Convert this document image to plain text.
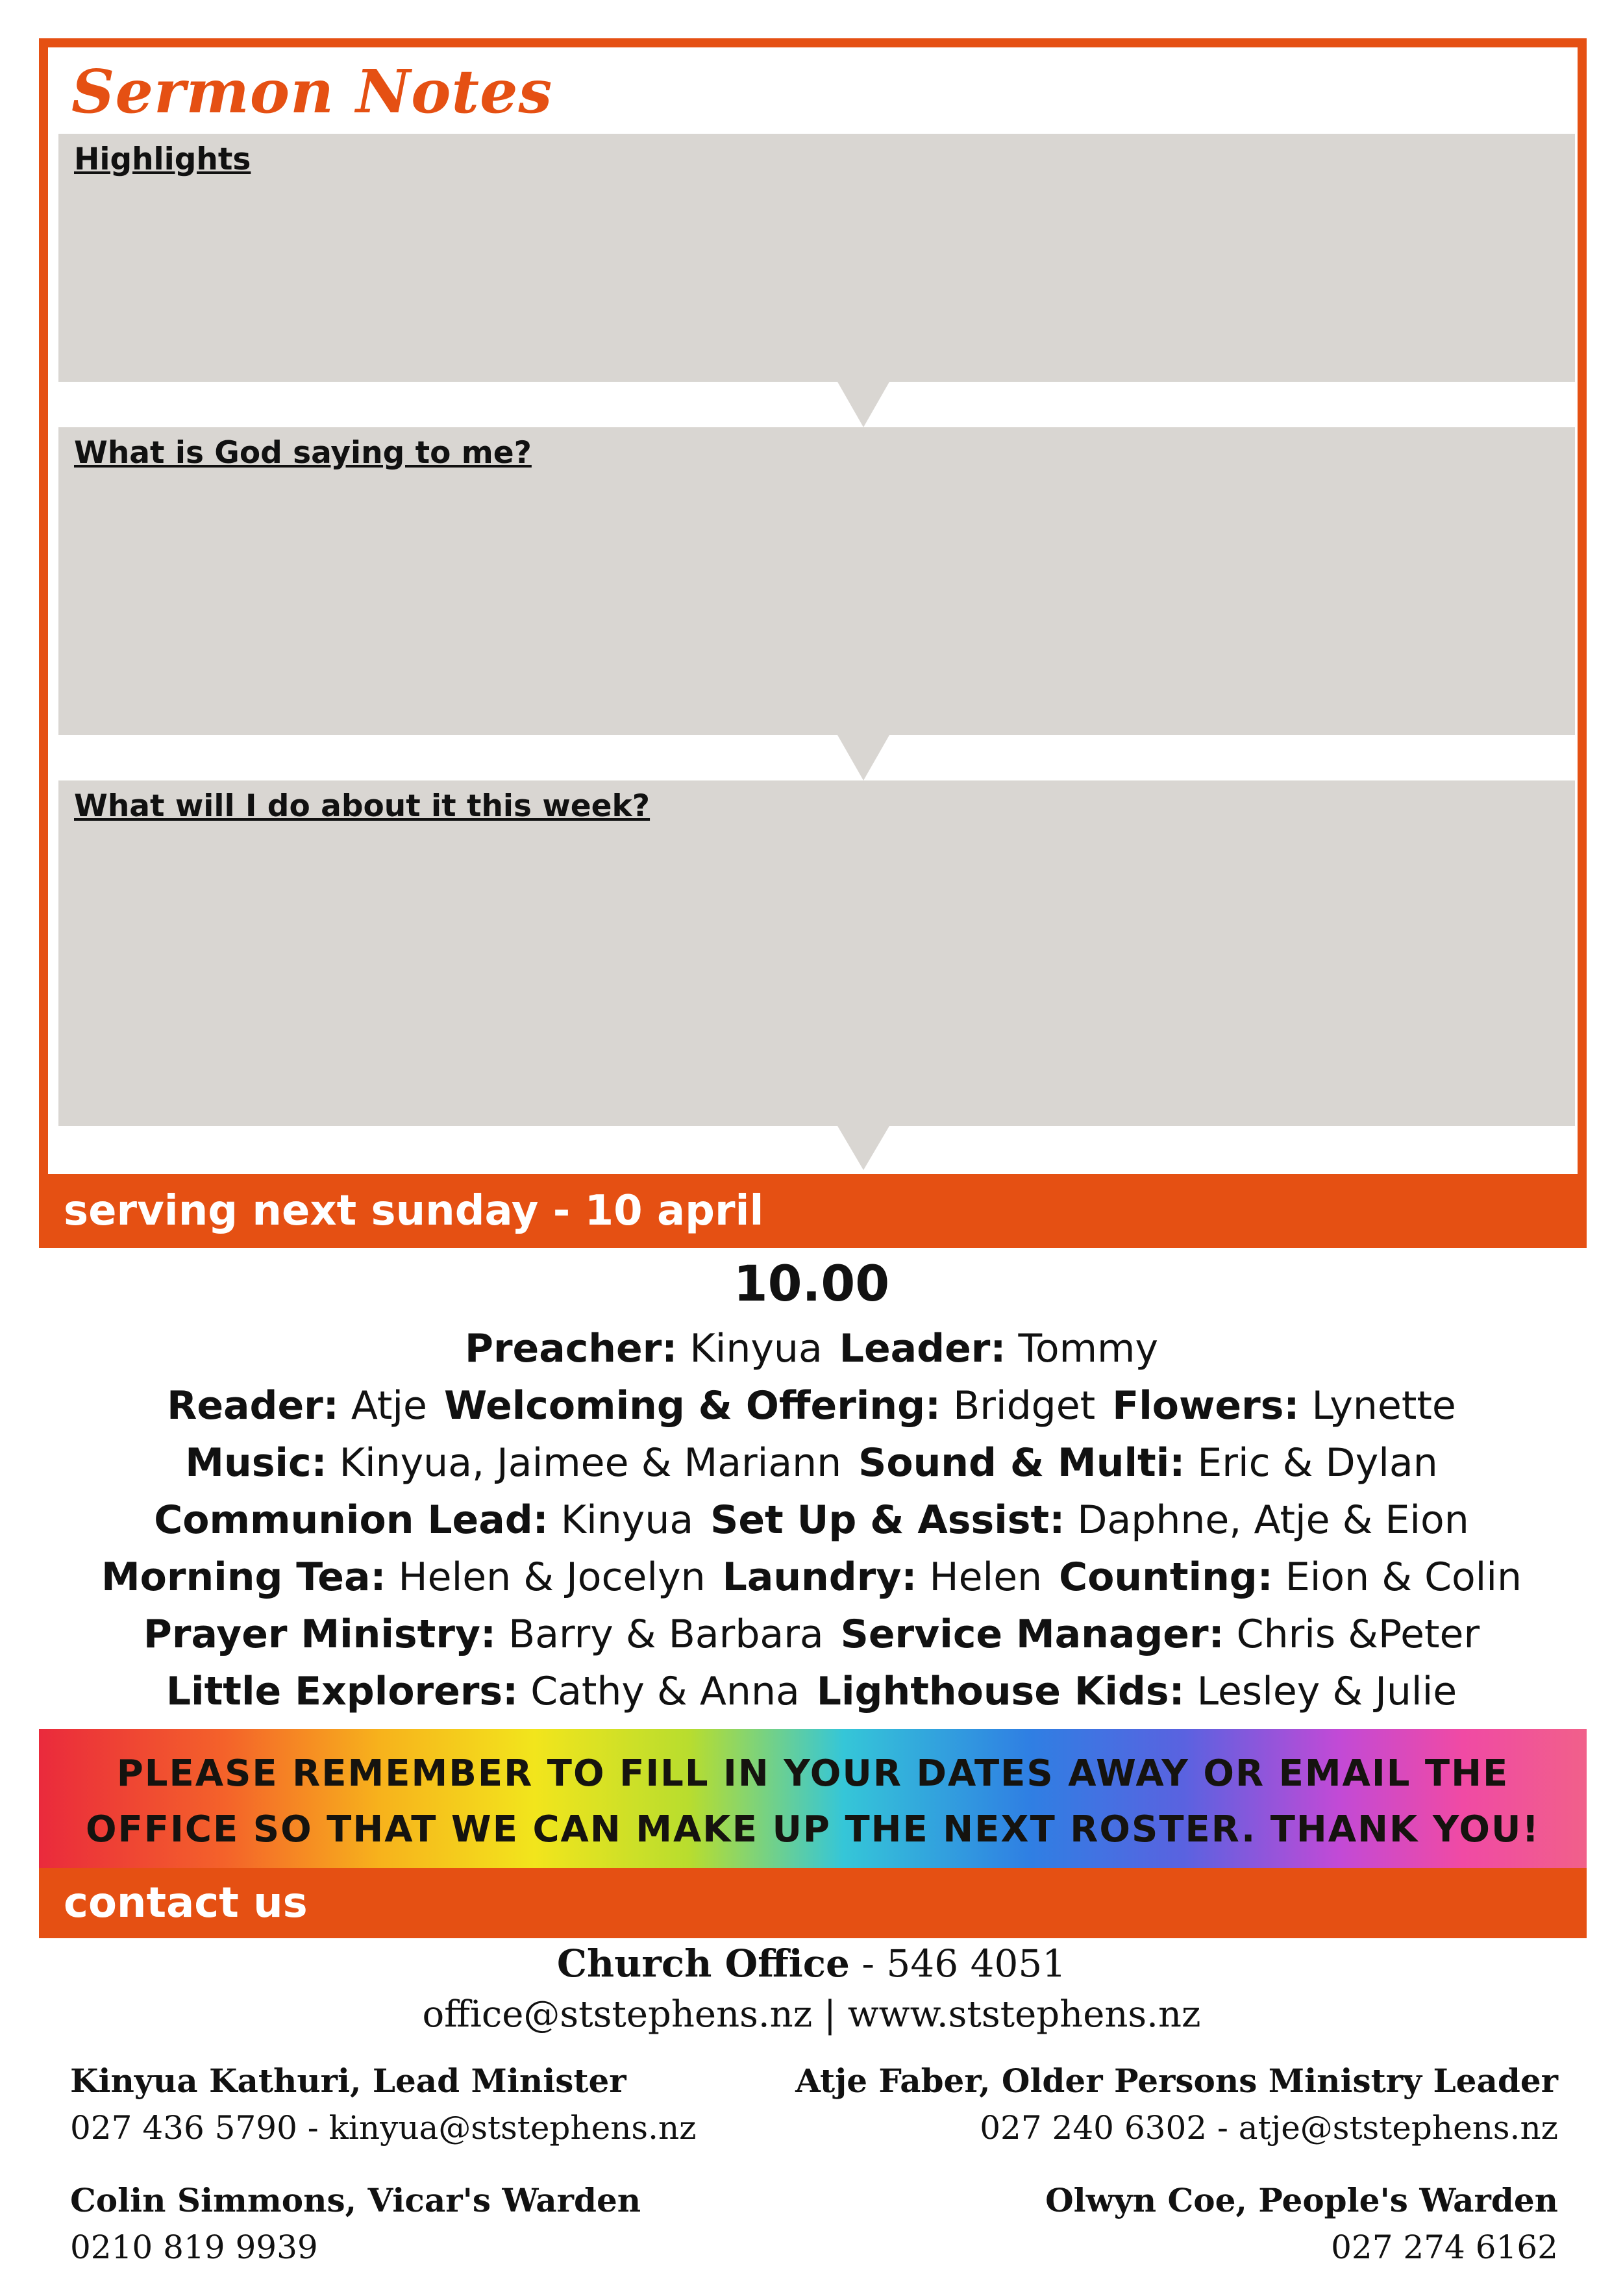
Sermon Notes

Highlights

What is God saying to me?

What will I do about it this week?

serving next sunday - 10 april
10.00
Preacher: Kinyua Leader: Tommy
Reader: Atje Welcoming & Offering: Bridget Flowers: Lynette
Music: Kinyua, Jaimee & Mariann Sound & Multi: Eric & Dylan
Communion Lead: Kinyua Set Up & Assist: Daphne, Atje & Eion
Morning Tea: Helen & Jocelyn Laundry: Helen Counting: Eion & Colin
Prayer Ministry: Barry & Barbara Service Manager: Chris &Peter
Little Explorers: Cathy & Anna Lighthouse Kids: Lesley & Julie
PLEASE REMEMBER TO FILL IN YOUR DATES AWAY OR EMAIL THE
OFFICE SO THAT WE CAN MAKE UP THE NEXT ROSTER. THANK YOU!
contact us
Church Office - 546 4051
office@ststephens.nz | www.ststephens.nz
Kinyua Kathuri, Lead Minister
027 436 5790 - kinyua@ststephens.nz
Atje Faber, Older Persons Ministry Leader
027 240 6302 - atje@ststephens.nz
Colin Simmons, Vicar's Warden
0210 819 9939
Olwyn Coe, People's Warden
027 274 6162
